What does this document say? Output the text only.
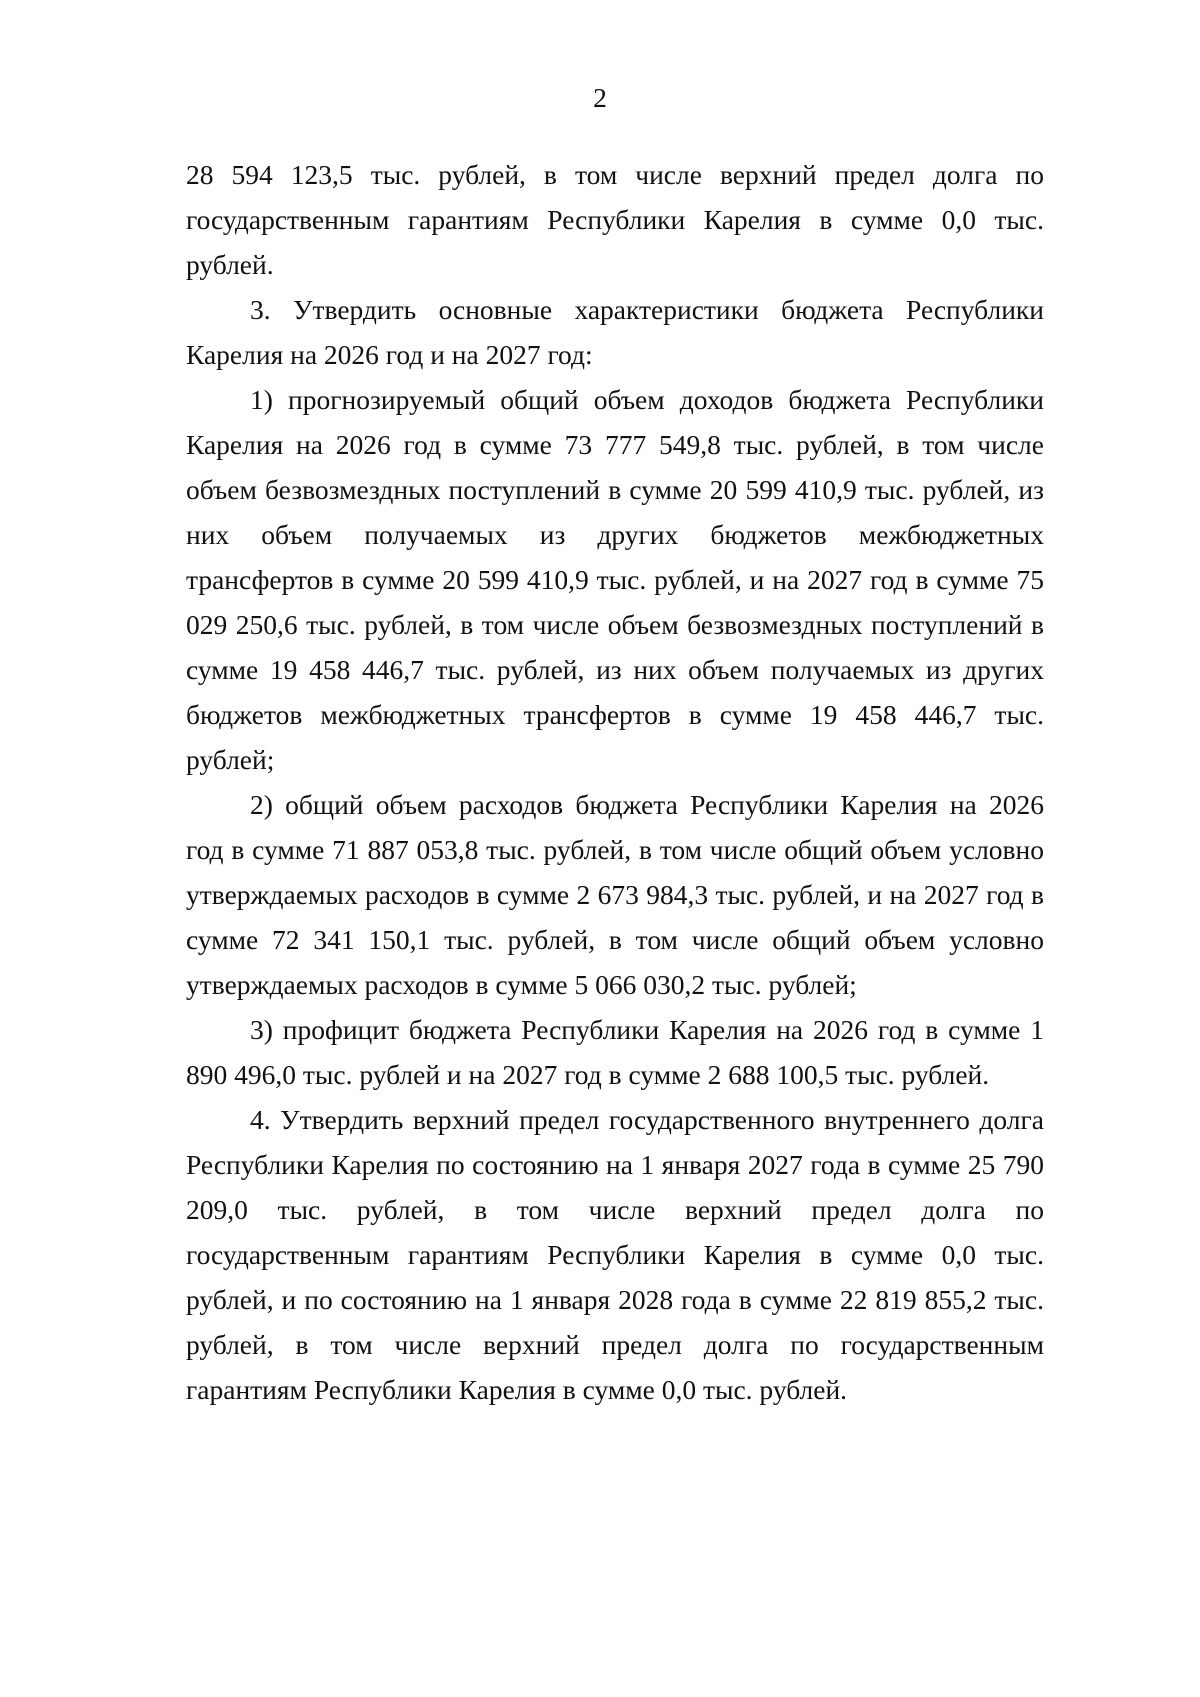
2

28 594 123,5 тыс. рублей, в том числе верхний предел долга по государственным гарантиям Республики Карелия в сумме 0,0 тыс. рублей.

3. Утвердить основные характеристики бюджета Республики Карелия на 2026 год и на 2027 год:

1) прогнозируемый общий объем доходов бюджета Республики Карелия на 2026 год в сумме 73 777 549,8 тыс. рублей, в том числе объем безвозмездных поступлений в сумме 20 599 410,9 тыс. рублей, из них объем получаемых из других бюджетов межбюджетных трансфертов в сумме 20 599 410,9 тыс. рублей, и на 2027 год в сумме 75 029 250,6 тыс. рублей, в том числе объем безвозмездных поступлений в сумме 19 458 446,7 тыс. рублей, из них объем получаемых из других бюджетов межбюджетных трансфертов в сумме 19 458 446,7 тыс. рублей;

2) общий объем расходов бюджета Республики Карелия на 2026 год в сумме 71 887 053,8 тыс. рублей, в том числе общий объем условно утверждаемых расходов в сумме 2 673 984,3 тыс. рублей, и на 2027 год в сумме 72 341 150,1 тыс. рублей, в том числе общий объем условно утверждаемых расходов в сумме 5 066 030,2 тыс. рублей;

3) профицит бюджета Республики Карелия на 2026 год в сумме 1 890 496,0 тыс. рублей и на 2027 год в сумме 2 688 100,5 тыс. рублей.

4. Утвердить верхний предел государственного внутреннего долга Республики Карелия по состоянию на 1 января 2027 года в сумме 25 790 209,0 тыс. рублей, в том числе верхний предел долга по государственным гарантиям Республики Карелия в сумме 0,0 тыс. рублей, и по состоянию на 1 января 2028 года в сумме 22 819 855,2 тыс. рублей, в том числе верхний предел долга по государственным гарантиям Республики Карелия в сумме 0,0 тыс. рублей.
